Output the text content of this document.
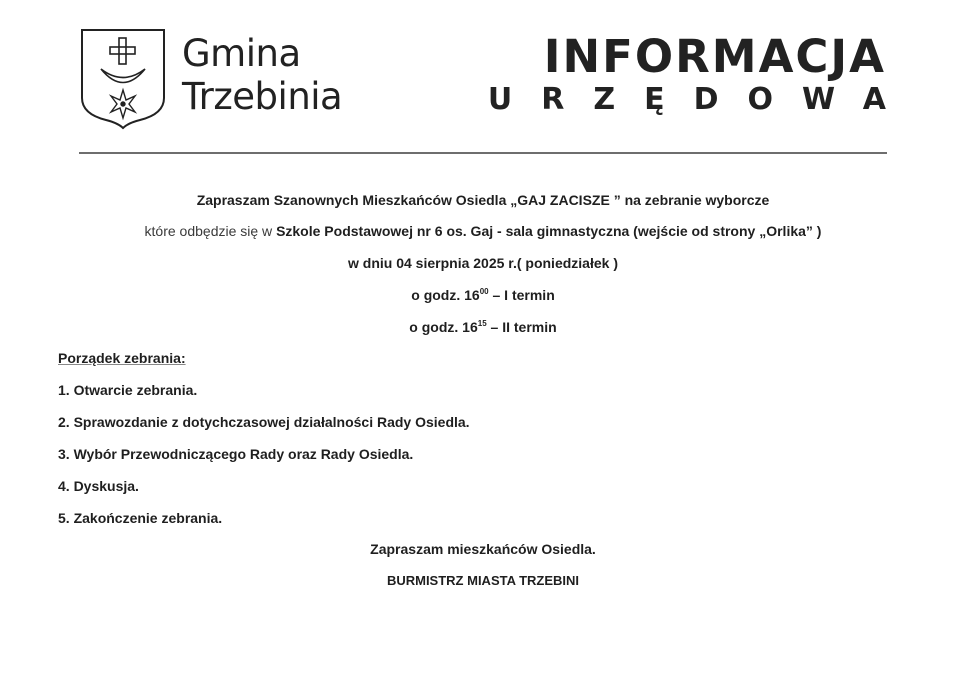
Gmina
Trzebinia
INFORMACJA
URZĘDOWA
Zapraszam Szanownych Mieszkańców Osiedla „GAJ ZACISZE ” na zebranie wyborcze
które odbędzie się w Szkole Podstawowej nr 6 os. Gaj - sala gimnastyczna (wejście od strony „Orlika” )
w dniu 04 sierpnia 2025 r.( poniedziałek )
o godz. $16^{00}$ – I termin
o godz. $16^{15}$ – II termin
Porządek zebrania:
1. Otwarcie zebrania.
2. Sprawozdanie z dotychczasowej działalności Rady Osiedla.
3. Wybór Przewodniczącego Rady oraz Rady Osiedla.
4. Dyskusja.
5. Zakończenie zebrania.
Zapraszam mieszkańców Osiedla.
BURMISTRZ MIASTA TRZEBINI
